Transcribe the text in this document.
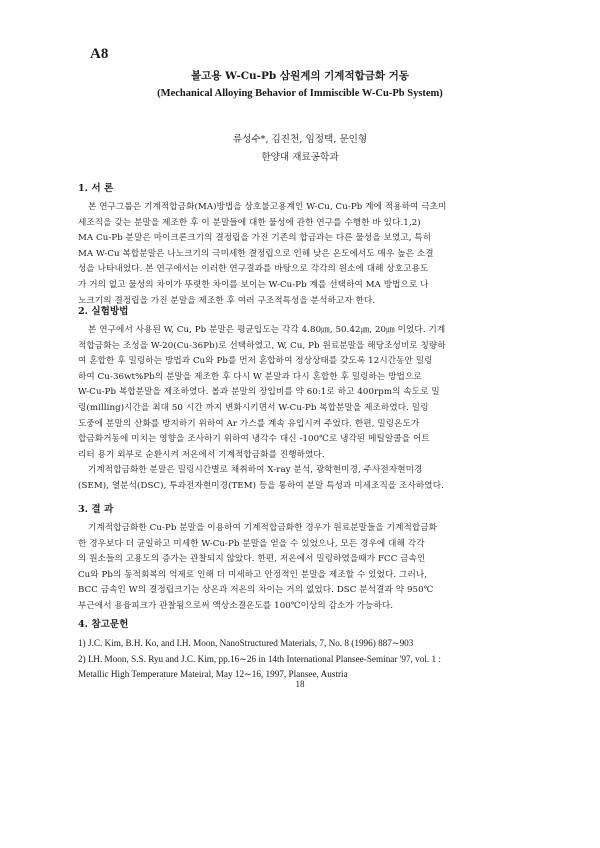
A8
볼고용 W-Cu-Pb 삼원계의 기계적합금화 거동
(Mechanical Alloying Behavior of Immiscible W-Cu-Pb System)
류성수*, 김진천, 임정택, 문인형
한양대 재료공학과
1. 서 론
본 연구그룹은 기계적합금화(MA)방법을 상호불고용계인 W-Cu, Cu-Pb 계에 적용하여 극초미
세조직을 갖는 분말을 제조한 후 이 분말들에 대한 물성에 관한 연구를 수행한 바 있다.1,2)
MA Cu-Pb 분말은 마이크론크기의 결정립을 가진 기존의 합금과는 다른 물성을 보였고, 특히
MA W-Cu 복합분말은 나노크기의 극미세한 결정립으로 인해 낮은 온도에서도 매우 높은 소결
성을 나타내었다. 본 연구에서는 이러한 연구결과를 바탕으로 각각의 원소에 대해 상호고용도
가 거의 없고 물성의 차이가 뚜렷한 차이를 보이는 W-Cu-Pb 계를 선택하여 MA 방법으로 나
노크기의 결정립을 가진 분말을 제조한 후 여러 구조적특성을 분석하고자 한다.
2. 실험방법
본 연구에서 사용된 W, Cu, Pb 분말은 평균입도는 각각 4.80㎛, 50.42㎛, 20㎛ 이었다. 기계
적합금화는 조성을 W-20(Cu-36Pb)로 선택하였고, W, Cu, Pb 원료분말을 해당조성비로 칭량하
여 혼합한 후 밀링하는 방법과 Cu와 Pb를 먼저 혼합하여 정상상태를 갖도록 12시간동안 밀링
하여 Cu-36wt%Pb의 분말을 제조한 후 다시 W 분말과 다시 혼합한 후 밀링하는 방법으로
W-Cu-Pb 복합분말을 제조하였다. 볼과 분말의 장입비를 약 60:1로 하고 400rpm의 속도로 밀
링(milling)시간을 최대 50 시간 까지 변화시키면서 W-Cu-Pb 복합분말을 제조하였다. 밀링
도중에 분말의 산화를 방지하기 위하여 Ar 가스를 계속 유입시켜 주었다. 한편, 밀링온도가
합금화거동에 미치는 영향을 조사하기 위하여 냉각수 대신 -100℃로 냉각된 메틸알콜을 어트
리터 용기 외부로 순환시켜 저온에서 기계적합금화를 진행하였다.
기계적합금화한 분말은 밀링시간별로 채취하여 X-ray 분석, 광학현미경, 주사전자현미경
(SEM), 열분석(DSC), 투과전자현미경(TEM) 등을 통하여 분말 특성과 미세조직을 조사하였다.
3. 결 과
기계적합금화한 Cu-Pb 분말을 이용하여 기계적합금화한 경우가 원료분말들을 기계적합금화
한 경우보다 더 균일하고 미세한 W-Cu-Pb 분말을 얻을 수 있었으나, 모든 경우에 대해 각각
의 원소들의 고용도의 증가는 관찰되지 않았다. 한편, 저온에서 밀링하였을때가 FCC 금속인
Cu와 Pb의 동적회복의 억제로 인해 더 미세하고 안정적인 분말을 제조할 수 있었다. 그러나,
BCC 금속인 W의 결정립크기는 상온과 저온의 차이는 거의 없었다. DSC 분석결과 약 950℃
부근에서 용융피크가 관찰됨으로써 액상소결온도를 100℃이상의 감소가 가능하다.
4. 참고문헌
1) J.C. Kim, B.H. Ko, and I.H. Moon, NanoStructured Materials, 7, No. 8 (1996) 887∼903
2) I.H. Moon, S.S. Ryu and J.C. Kim, pp.16∼26 in 14th International Plansee-Seminar '97, vol. 1 :
Metallic High Temperature Mateiral, May 12∼16, 1997, Plansee, Austria
18
